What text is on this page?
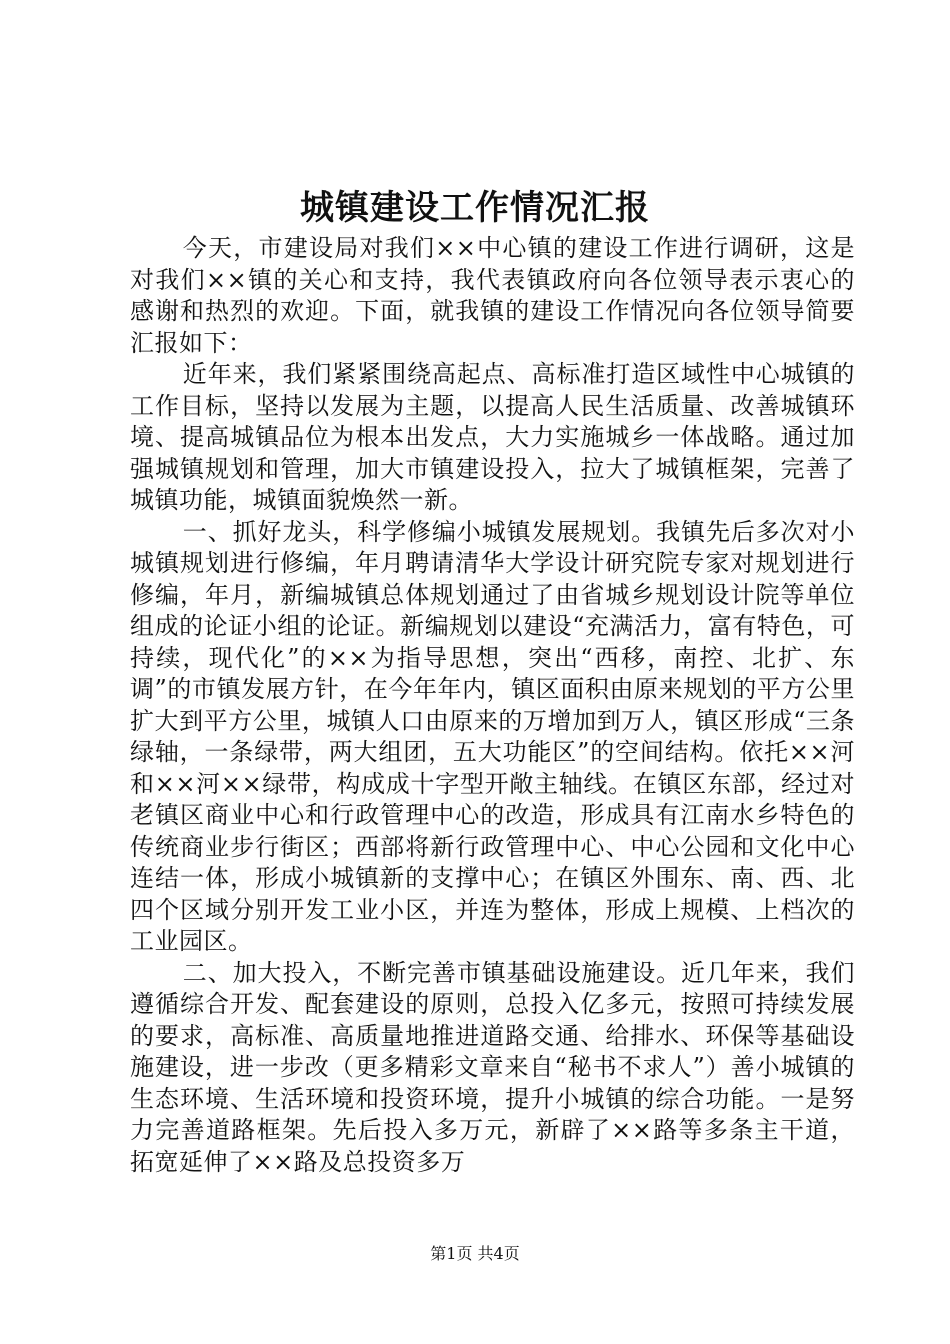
城镇建设工作情况汇报

今天，市建设局对我们××中心镇的建设工作进行调研，这是对我们××镇的关心和支持，我代表镇政府向各位领导表示衷心的感谢和热烈的欢迎。下面，就我镇的建设工作情况向各位领导简要汇报如下：

近年来，我们紧紧围绕高起点、高标准打造区域性中心城镇的工作目标，坚持以发展为主题，以提高人民生活质量、改善城镇环境、提高城镇品位为根本出发点，大力实施城乡一体战略。通过加强城镇规划和管理，加大市镇建设投入，拉大了城镇框架，完善了城镇功能，城镇面貌焕然一新。

一、抓好龙头，科学修编小城镇发展规划。我镇先后多次对小城镇规划进行修编，年月聘请清华大学设计研究院专家对规划进行修编，年月，新编城镇总体规划通过了由省城乡规划设计院等单位组成的论证小组的论证。新编规划以建设“充满活力，富有特色，可持续，现代化”的××为指导思想，突出“西移，南控、北扩、东调”的市镇发展方针，在今年年内，镇区面积由原来规划的平方公里扩大到平方公里，城镇人口由原来的万增加到万人，镇区形成“三条绿轴，一条绿带，两大组团，五大功能区”的空间结构。依托××河和××河××绿带，构成成十字型开敞主轴线。在镇区东部，经过对老镇区商业中心和行政管理中心的改造，形成具有江南水乡特色的传统商业步行街区；西部将新行政管理中心、中心公园和文化中心连结一体，形成小城镇新的支撑中心；在镇区外围东、南、西、北四个区域分别开发工业小区，并连为整体，形成上规模、上档次的工业园区。

二、加大投入，不断完善市镇基础设施建设。近几年来，我们遵循综合开发、配套建设的原则，总投入亿多元，按照可持续发展的要求，高标准、高质量地推进道路交通、给排水、环保等基础设施建设，进一步改（更多精彩文章来自“秘书不求人”）善小城镇的生态环境、生活环境和投资环境，提升小城镇的综合功能。一是努力完善道路框架。先后投入多万元，新辟了××路等多条主干道，拓宽延伸了××路及总投资多万

第1页 共4页
